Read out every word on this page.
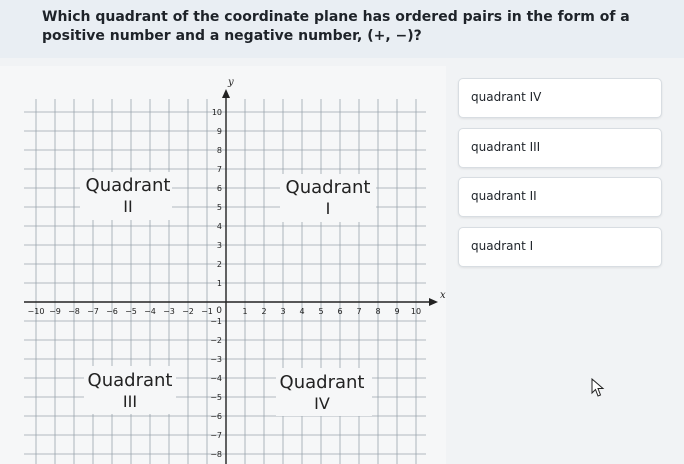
Which quadrant of the coordinate plane has ordered pairs in the form of a positive number and a negative number, (+, −)?
x
y
−10 −9 −8 −7 −6 −5 −4 −3 −2 −1	1 2 3 4 5 6 7 8 9 10
10
9
8
7
6
5
4
3
2
1
−1
−2
−3
−4
−5
−6
−7
−8
0
Quadrant
II
Quadrant
I
Quadrant
III
Quadrant
IV
quadrant IV
quadrant III
quadrant II
quadrant I
